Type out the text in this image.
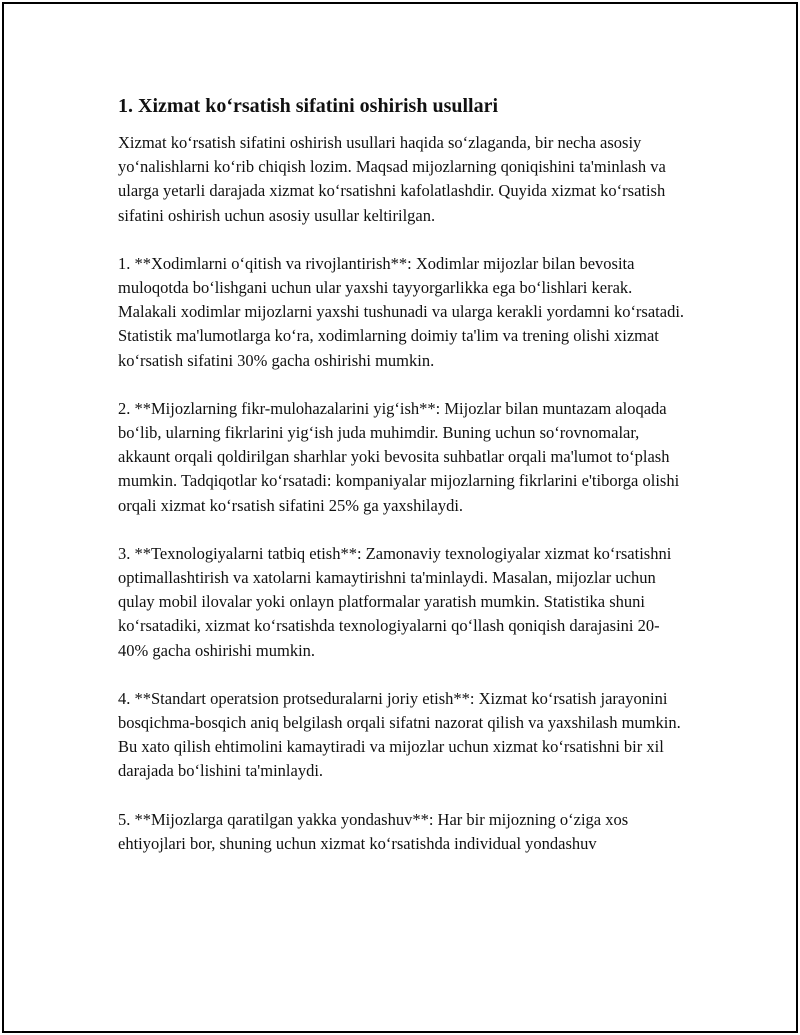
1. Xizmat koʻrsatish sifatini oshirish usullari

Xizmat koʻrsatish sifatini oshirish usullari haqida soʻzlaganda, bir necha asosiy yoʻnalishlarni koʻrib chiqish lozim. Maqsad mijozlarning qoniqishini ta'minlash va ularga yetarli darajada xizmat koʻrsatishni kafolatlashdir. Quyida xizmat koʻrsatish sifatini oshirish uchun asosiy usullar keltirilgan.

1. **Xodimlarni oʻqitish va rivojlantirish**: Xodimlar mijozlar bilan bevosita muloqotda boʻlishgani uchun ular yaxshi tayyorgarlikka ega boʻlishlari kerak. Malakali xodimlar mijozlarni yaxshi tushunadi va ularga kerakli yordamni koʻrsatadi. Statistik ma'lumotlarga koʻra, xodimlarning doimiy ta'lim va trening olishi xizmat koʻrsatish sifatini 30% gacha oshirishi mumkin.

2. **Mijozlarning fikr-mulohazalarini yigʻish**: Mijozlar bilan muntazam aloqada boʻlib, ularning fikrlarini yigʻish juda muhimdir. Buning uchun soʻrovnomalar, akkaunt orqali qoldirilgan sharhlar yoki bevosita suhbatlar orqali ma'lumot toʻplash mumkin. Tadqiqotlar koʻrsatadi: kompaniyalar mijozlarning fikrlarini e'tiborga olishi orqali xizmat koʻrsatish sifatini 25% ga yaxshilaydi.

3. **Texnologiyalarni tatbiq etish**: Zamonaviy texnologiyalar xizmat koʻrsatishni optimallashtirish va xatolarni kamaytirishni ta'minlaydi. Masalan, mijozlar uchun qulay mobil ilovalar yoki onlayn platformalar yaratish mumkin. Statistika shuni koʻrsatadiki, xizmat koʻrsatishda texnologiyalarni qoʻllash qoniqish darajasini 20-40% gacha oshirishi mumkin.

4. **Standart operatsion protseduralarni joriy etish**: Xizmat koʻrsatish jarayonini bosqichma-bosqich aniq belgilash orqali sifatni nazorat qilish va yaxshilash mumkin. Bu xato qilish ehtimolini kamaytiradi va mijozlar uchun xizmat koʻrsatishni bir xil darajada boʻlishini ta'minlaydi.

5. **Mijozlarga qaratilgan yakka yondashuv**: Har bir mijozning oʻziga xos ehtiyojlari bor, shuning uchun xizmat koʻrsatishda individual yondashuv
